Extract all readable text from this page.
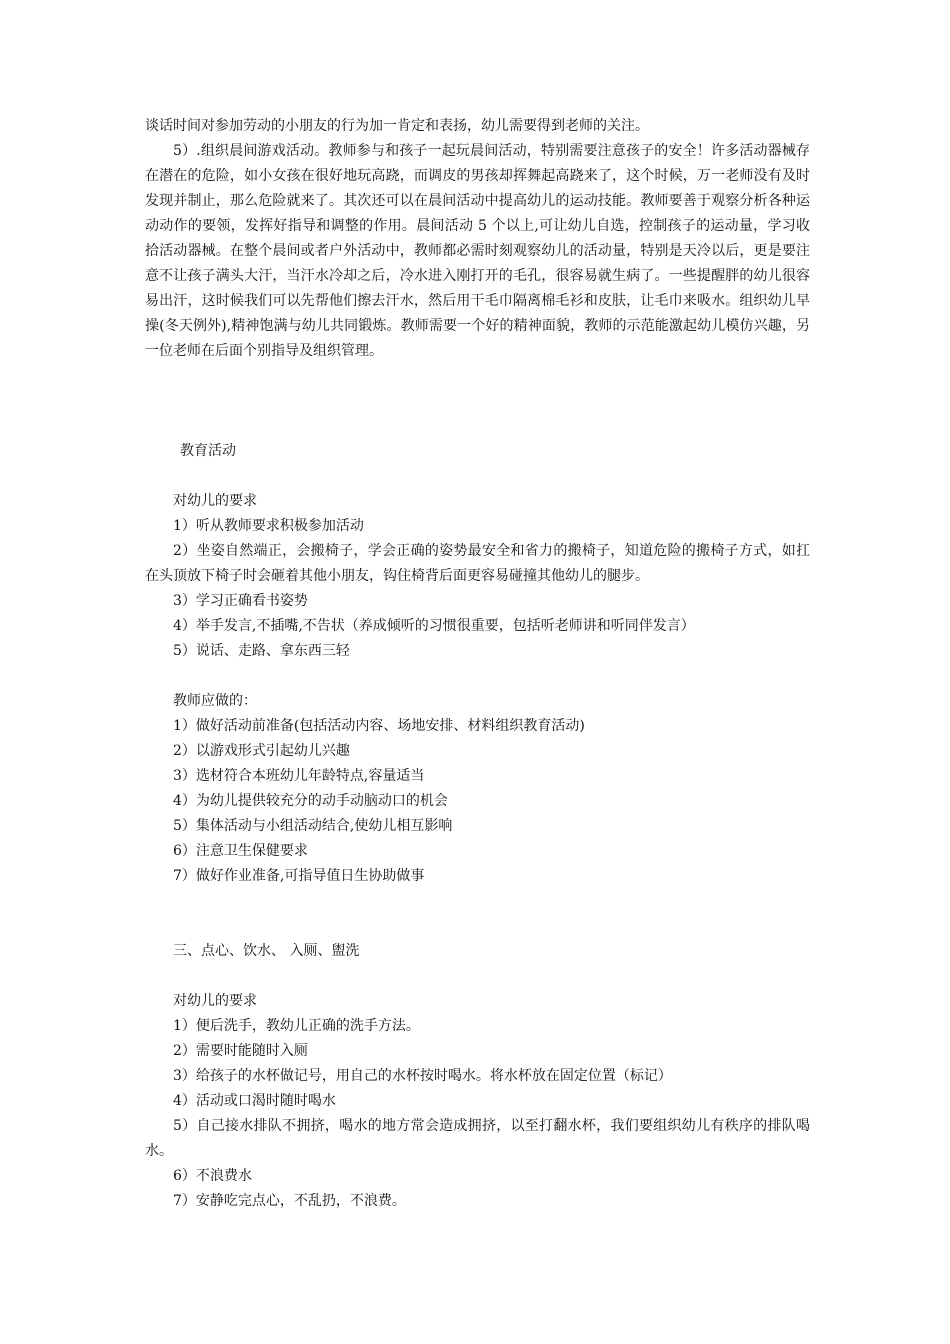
谈话时间对参加劳动的小朋友的行为加一肯定和表扬，幼儿需要得到老师的关注。

5）.组织晨间游戏活动。教师参与和孩子一起玩晨间活动，特别需要注意孩子的安全！许多活动器械存在潜在的危险，如小女孩在很好地玩高跷，而调皮的男孩却挥舞起高跷来了，这个时候，万一老师没有及时发现并制止，那么危险就来了。其次还可以在晨间活动中提高幼儿的运动技能。教师要善于观察分析各种运动动作的要领，发挥好指导和调整的作用。晨间活动 5 个以上,可让幼儿自选，控制孩子的运动量，学习收拾活动器械。在整个晨间或者户外活动中，教师都必需时刻观察幼儿的活动量，特别是天冷以后，更是要注意不让孩子满头大汗，当汗水冷却之后，冷水进入刚打开的毛孔，很容易就生病了。一些提醒胖的幼儿很容易出汗，这时候我们可以先帮他们擦去汗水，然后用干毛巾隔离棉毛衫和皮肤，让毛巾来吸水。组织幼儿早操(冬天例外),精神饱满与幼儿共同锻炼。教师需要一个好的精神面貌，教师的示范能激起幼儿模仿兴趣，另一位老师在后面个别指导及组织管理。

教育活动

对幼儿的要求

1）听从教师要求积极参加活动

2）坐姿自然端正，会搬椅子，学会正确的姿势最安全和省力的搬椅子，知道危险的搬椅子方式，如扛在头顶放下椅子时会砸着其他小朋友，钩住椅背后面更容易碰撞其他幼儿的腿步。

3）学习正确看书姿势

4）举手发言,不插嘴,不告状（养成倾听的习惯很重要，包括听老师讲和听同伴发言）

5）说话、走路、拿东西三轻

教师应做的：

1）做好活动前准备(包括活动内容、场地安排、材料组织教育活动)

2）以游戏形式引起幼儿兴趣

3）选材符合本班幼儿年龄特点,容量适当

4）为幼儿提供较充分的动手动脑动口的机会

5）集体活动与小组活动结合,使幼儿相互影响

6）注意卫生保健要求

7）做好作业准备,可指导值日生协助做事

三、点心、饮水、 入厕、盥洗

对幼儿的要求

1）便后洗手，教幼儿正确的洗手方法。

2）需要时能随时入厕

3）给孩子的水杯做记号，用自己的水杯按时喝水。将水杯放在固定位置（标记）

4）活动或口渴时随时喝水

5）自己接水排队不拥挤，喝水的地方常会造成拥挤，以至打翻水杯，我们要组织幼儿有秩序的排队喝水。

6）不浪费水

7）安静吃完点心，不乱扔，不浪费。
